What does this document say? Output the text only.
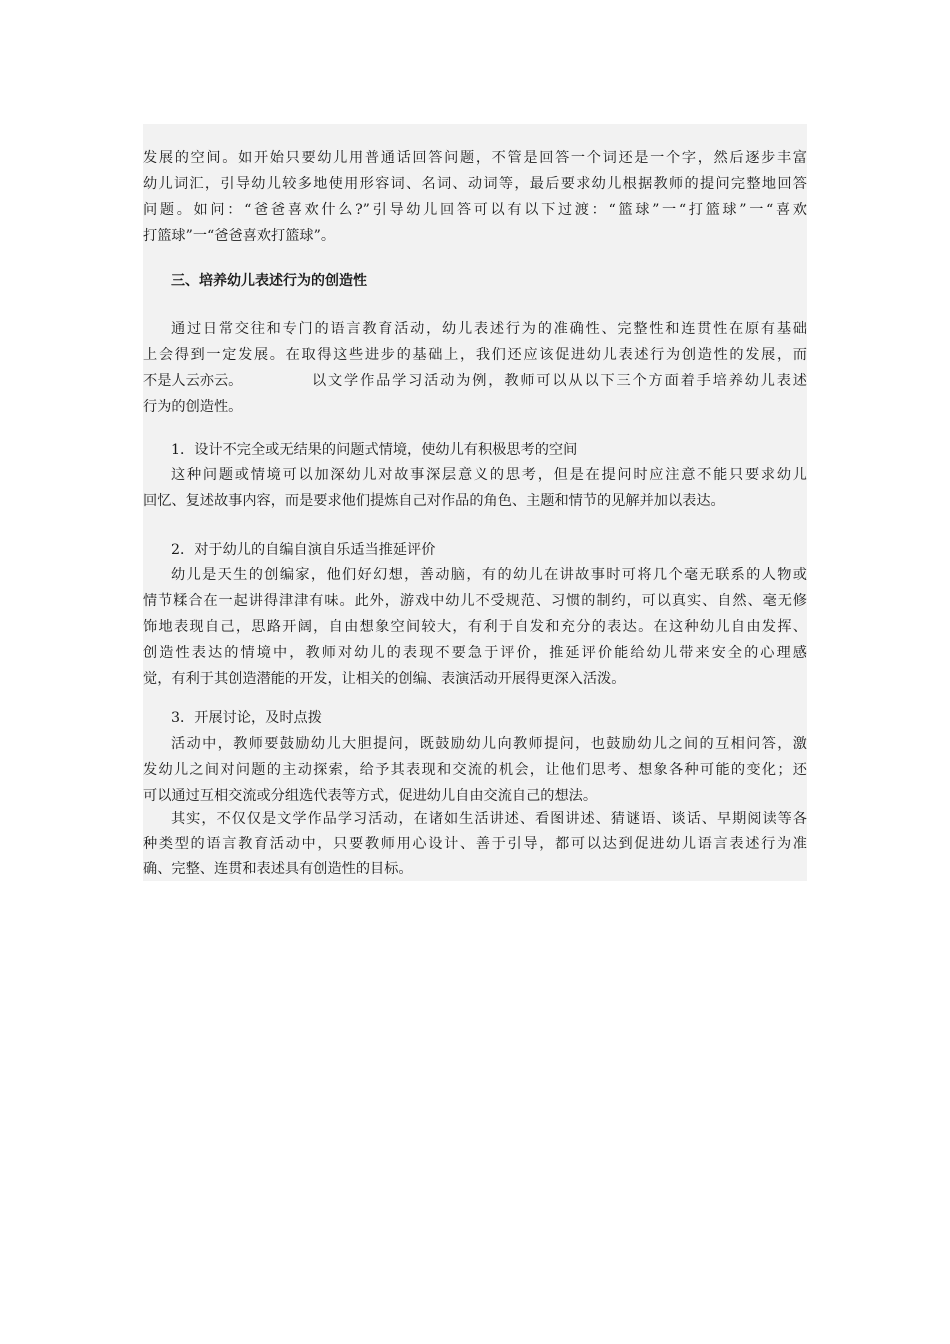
发展的空间。如开始只要幼儿用普通话回答问题，不管是回答一个词还是一个字，然后逐步丰富
幼儿词汇，引导幼儿较多地使用形容词、名词、动词等，最后要求幼儿根据教师的提问完整地回答
问题。如问：“爸爸喜欢什么?”引导幼儿回答可以有以下过渡：“篮球”一“打篮球”一“喜欢
打篮球”一“爸爸喜欢打篮球”。
三、培养幼儿表述行为的创造性
通过日常交往和专门的语言教育活动，幼儿表述行为的准确性、完整性和连贯性在原有基础
上会得到一定发展。在取得这些进步的基础上，我们还应该促进幼儿表述行为创造性的发展，而
不是人云亦云。	以文学作品学习活动为例，教师可以从以下三个方面着手培养幼儿表述
行为的创造性。
1．设计不完全或无结果的问题式情境，使幼儿有积极思考的空间
这种问题或情境可以加深幼儿对故事深层意义的思考，但是在提问时应注意不能只要求幼儿
回忆、复述故事内容，而是要求他们提炼自己对作品的角色、主题和情节的见解并加以表达。
2．对于幼儿的自编自演自乐适当推延评价
幼儿是天生的创编家，他们好幻想，善动脑，有的幼儿在讲故事时可将几个毫无联系的人物或
情节糅合在一起讲得津津有味。此外，游戏中幼儿不受规范、习惯的制约，可以真实、自然、毫无修
饰地表现自己，思路开阔，自由想象空间较大，有利于自发和充分的表达。在这种幼儿自由发挥、
创造性表达的情境中，教师对幼儿的表现不要急于评价，推延评价能给幼儿带来安全的心理感
觉，有利于其创造潜能的开发，让相关的创编、表演活动开展得更深入活泼。
3．开展讨论，及时点拨
活动中，教师要鼓励幼儿大胆提问，既鼓励幼儿向教师提问，也鼓励幼儿之间的互相问答，激
发幼儿之间对问题的主动探索，给予其表现和交流的机会，让他们思考、想象各种可能的变化；还
可以通过互相交流或分组选代表等方式，促进幼儿自由交流自己的想法。
其实，不仅仅是文学作品学习活动，在诸如生活讲述、看图讲述、猜谜语、谈话、早期阅读等各
种类型的语言教育活动中，只要教师用心设计、善于引导，都可以达到促进幼儿语言表述行为准
确、完整、连贯和表述具有创造性的目标。
